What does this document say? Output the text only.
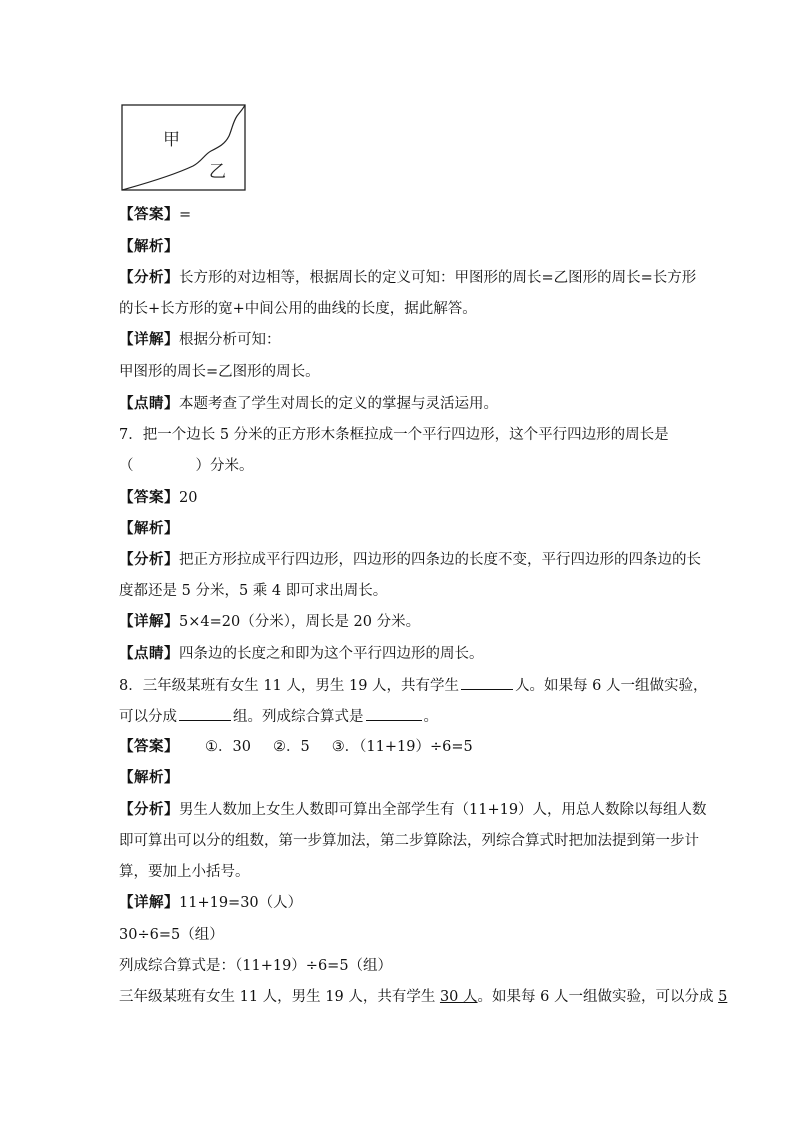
甲
乙
【答案】=
【解析】
【分析】长方形的对边相等，根据周长的定义可知：甲图形的周长=乙图形的周长=长方形
的长+长方形的宽+中间公用的曲线的长度，据此解答。
【详解】根据分析可知：
甲图形的周长=乙图形的周长。
【点睛】本题考查了学生对周长的定义的掌握与灵活运用。
7．把一个边长 5 分米的正方形木条框拉成一个平行四边形，这个平行四边形的周长是
（	）分米。
【答案】20
【解析】
【分析】把正方形拉成平行四边形，四边形的四条边的长度不变，平行四边形的四条边的长
度都还是 5 分米，5 乘 4 即可求出周长。
【详解】5×4=20（分米），周长是 20 分米。
【点睛】四条边的长度之和即为这个平行四边形的周长。
8．三年级某班有女生 11 人，男生 19 人，共有学生	人。如果每 6 人一组做实验，
可以分成	组。列成综合算式是	。
【答案】 ①．30 ②．5 ③．（11+19）÷6=5
【解析】
【分析】男生人数加上女生人数即可算出全部学生有（11+19）人，用总人数除以每组人数
即可算出可以分的组数，第一步算加法，第二步算除法，列综合算式时把加法提到第一步计
算，要加上小括号。
【详解】11+19=30（人）
30÷6=5（组）
列成综合算式是：（11+19）÷6=5（组）
三年级某班有女生 11 人，男生 19 人，共有学生 30 人。如果每 6 人一组做实验，可以分成 5
